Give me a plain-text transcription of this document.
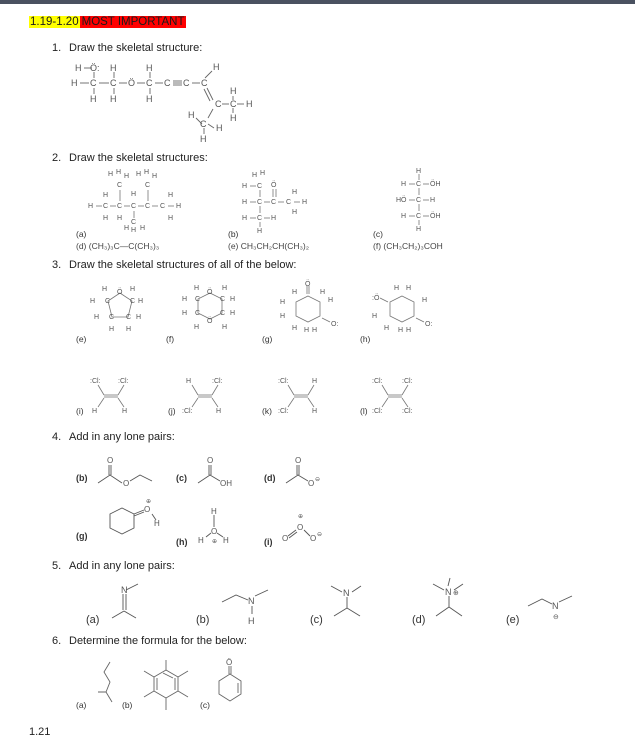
1.19-1.20 MOST IMPORTANT
1. Draw the skeletal structure:
H Ö: H	H
H C C Ö C C C C
H
H H	H	C C H
H
H
H
C H
H
2. Draw the skeletal structures:
H C C C C C H
C	C
C
H H
H H H
H
H
H H
H	H
H
H H H
(a)
H C Ö
H C C C H
H
H
H C H
H
H H
(b)
H
H C ÖH
HÖ C H
H C ÖH
H
(c)
(d) (CH₃)₃C—C(CH₃)₃	(e) CH₃CH₂CH(CH₃)₂	(f) (CH₃CH₂)₃COH
3. Draw the skeletal structures of all of the below:
Ö
C	C
C C
H	H
H	H
H	H
H H
(e)
Ö
Ö
C	C
C	C
H	H
H	H
H	H
H	H
(f)
Ö
O:
H
H
H
H	H
H H H
(g)
:Ö
O:
H
H
H H
H H H
(h)
:Cl:	:Cl:
H	H
(i)
H	:Cl:
:Cl:	H
(j)
:Cl:	H
:Cl:	H
(k)
:Cl:	:Cl:
:Cl:	:Cl:
(l)
4. Add in any lone pairs:
(b)
O
O
(c)
O
OH
(d)
O
O ⊖
(g)
O
H
⊕
(h)
H
O
H H
⊕	(i) O
O
O
⊕
⊖
5. Add in any lone pairs:
(a)
N
(b)
N
H	(c)
N
(d)
N ⊕
(e)
N
⊖
6. Determine the formula for the below:
(a)	(b)	(c)
Ö
1.21
